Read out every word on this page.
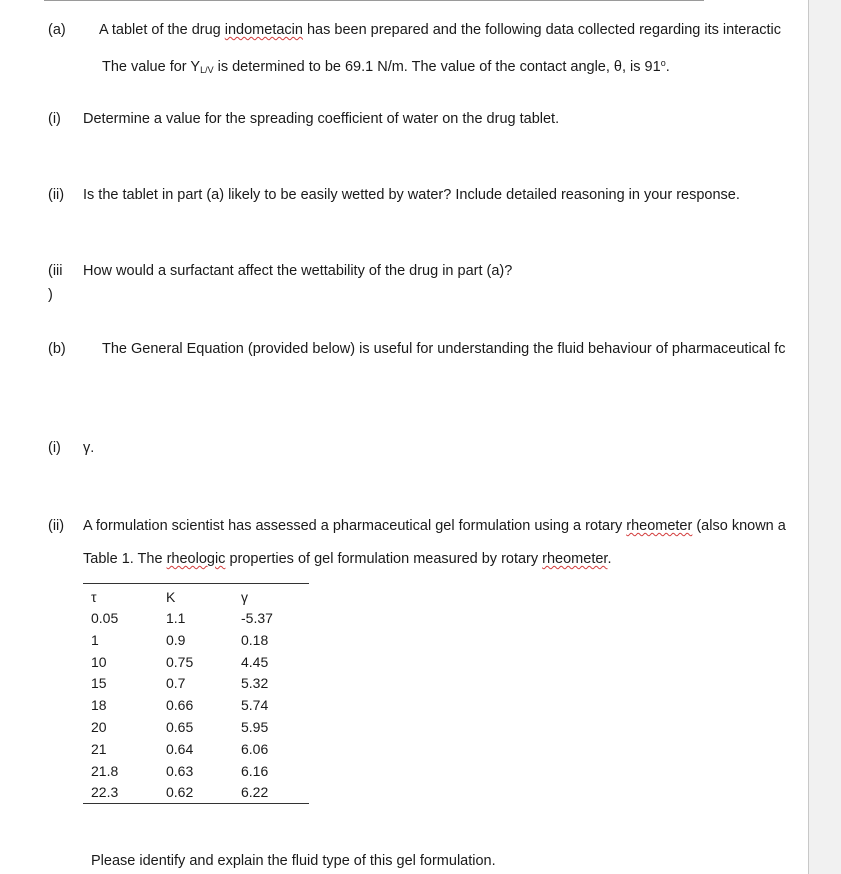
(a) A tablet of the drug indometacin has been prepared and the following data collected regarding its interactic
The value for $Y_{L/V}$ is determined to be 69.1 N/m. The value of the contact angle, θ, is 91$^o$.
(i) Determine a value for the spreading coefficient of water on the drug tablet.
(ii) Is the tablet in part (a) likely to be easily wetted by water? Include detailed reasoning in your response.
(iii
)
How would a surfactant affect the wettability of the drug in part (a)?
(b)	The General Equation (provided below) is useful for understanding the fluid behaviour of pharmaceutical fc
(i) γ.
(ii) A formulation scientist has assessed a pharmaceutical gel formulation using a rotary rheometer (also known a
Table 1. The rheologic properties of gel formulation measured by rotary rheometer.
τ	K	γ
0.05	1.1	-5.37
1	0.9	0.18
10	0.75	4.45
15	0.7	5.32
18	0.66	5.74
20	0.65	5.95
21	0.64	6.06
21.8	0.63	6.16
22.3	0.62	6.22
Please identify and explain the fluid type of this gel formulation.
